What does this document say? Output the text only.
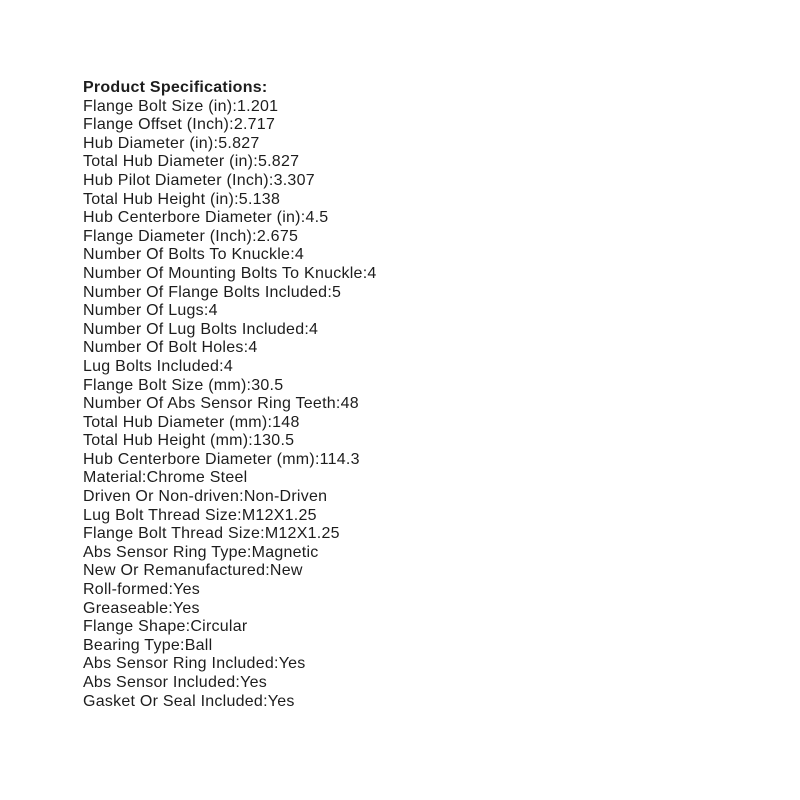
Product Specifications:
Flange Bolt Size (in):1.201
Flange Offset (Inch):2.717
Hub Diameter (in):5.827
Total Hub Diameter (in):5.827
Hub Pilot Diameter (Inch):3.307
Total Hub Height (in):5.138
Hub Centerbore Diameter (in):4.5
Flange Diameter (Inch):2.675
Number Of Bolts To Knuckle:4
Number Of Mounting Bolts To Knuckle:4
Number Of Flange Bolts Included:5
Number Of Lugs:4
Number Of Lug Bolts Included:4
Number Of Bolt Holes:4
Lug Bolts Included:4
Flange Bolt Size (mm):30.5
Number Of Abs Sensor Ring Teeth:48
Total Hub Diameter (mm):148
Total Hub Height (mm):130.5
Hub Centerbore Diameter (mm):114.3
Material:Chrome Steel
Driven Or Non-driven:Non-Driven
Lug Bolt Thread Size:M12X1.25
Flange Bolt Thread Size:M12X1.25
Abs Sensor Ring Type:Magnetic
New Or Remanufactured:New
Roll-formed:Yes
Greaseable:Yes
Flange Shape:Circular
Bearing Type:Ball
Abs Sensor Ring Included:Yes
Abs Sensor Included:Yes
Gasket Or Seal Included:Yes
